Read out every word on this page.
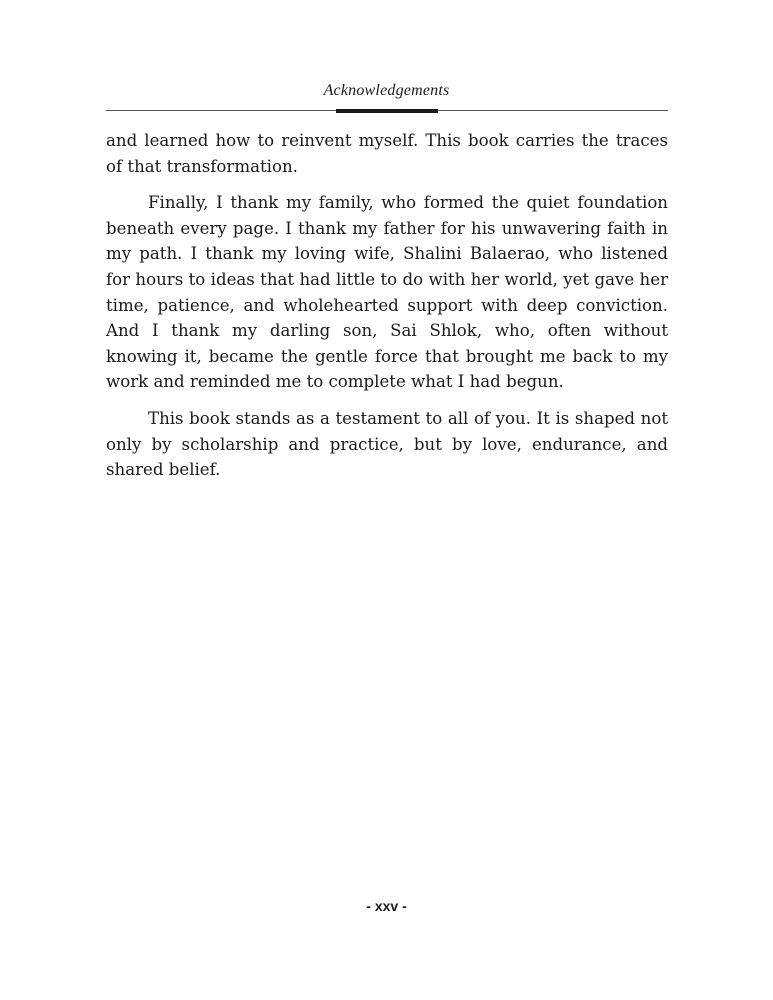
Acknowledgements

and learned how to reinvent myself. This book carries the traces of that transformation.

Finally, I thank my family, who formed the quiet foundation beneath every page. I thank my father for his unwavering faith in my path. I thank my loving wife, Shalini Balaerao, who listened for hours to ideas that had little to do with her world, yet gave her time, patience, and wholehearted support with deep conviction. And I thank my darling son, Sai Shlok, who, often without knowing it, became the gentle force that brought me back to my work and reminded me to complete what I had begun.

This book stands as a testament to all of you. It is shaped not only by scholarship and practice, but by love, endurance, and shared belief.

- xxv -
